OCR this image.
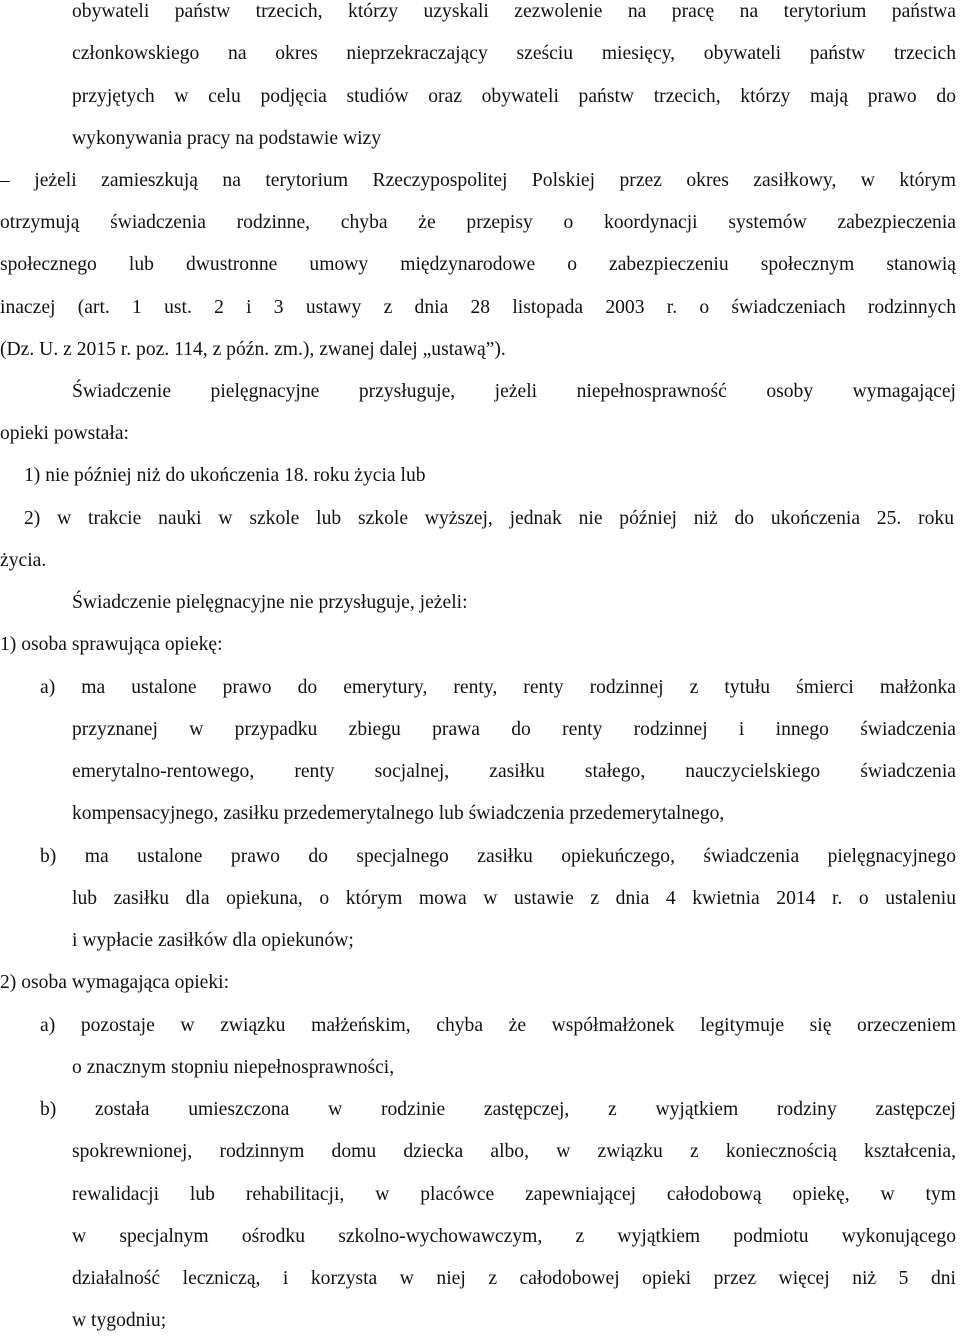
obywateli państw trzecich, którzy uzyskali zezwolenie na pracę na terytorium państwa
członkowskiego na okres nieprzekraczający sześciu miesięcy, obywateli państw trzecich
przyjętych w celu podjęcia studiów oraz obywateli państw trzecich, którzy mają prawo do
wykonywania pracy na podstawie wizy
– jeżeli zamieszkują na terytorium Rzeczypospolitej Polskiej przez okres zasiłkowy, w którym
otrzymują świadczenia rodzinne, chyba że przepisy o koordynacji systemów zabezpieczenia
społecznego lub dwustronne umowy międzynarodowe o zabezpieczeniu społecznym stanowią
inaczej (art. 1 ust. 2 i 3 ustawy z dnia 28 listopada 2003 r. o świadczeniach rodzinnych
(Dz. U. z 2015 r. poz. 114, z późn. zm.), zwanej dalej „ustawą”).
Świadczenie pielęgnacyjne przysługuje, jeżeli niepełnosprawność osoby wymagającej
opieki powstała:
1) nie później niż do ukończenia 18. roku życia lub
2) w trakcie nauki w szkole lub szkole wyższej, jednak nie później niż do ukończenia 25. roku
życia.
Świadczenie pielęgnacyjne nie przysługuje, jeżeli:
1) osoba sprawująca opiekę:
a) ma ustalone prawo do emerytury, renty, renty rodzinnej z tytułu śmierci małżonka
przyznanej w przypadku zbiegu prawa do renty rodzinnej i innego świadczenia
emerytalno-rentowego, renty socjalnej, zasiłku stałego, nauczycielskiego świadczenia
kompensacyjnego, zasiłku przedemerytalnego lub świadczenia przedemerytalnego,
b) ma ustalone prawo do specjalnego zasiłku opiekuńczego, świadczenia pielęgnacyjnego
lub zasiłku dla opiekuna, o którym mowa w ustawie z dnia 4 kwietnia 2014 r. o ustaleniu
i wypłacie zasiłków dla opiekunów;
2) osoba wymagająca opieki:
a) pozostaje w związku małżeńskim, chyba że współmałżonek legitymuje się orzeczeniem
o znacznym stopniu niepełnosprawności,
b) została umieszczona w rodzinie zastępczej, z wyjątkiem rodziny zastępczej
spokrewnionej, rodzinnym domu dziecka albo, w związku z koniecznością kształcenia,
rewalidacji lub rehabilitacji, w placówce zapewniającej całodobową opiekę, w tym
w specjalnym ośrodku szkolno-wychowawczym, z wyjątkiem podmiotu wykonującego
działalność leczniczą, i korzysta w niej z całodobowej opieki przez więcej niż 5 dni
w tygodniu;
